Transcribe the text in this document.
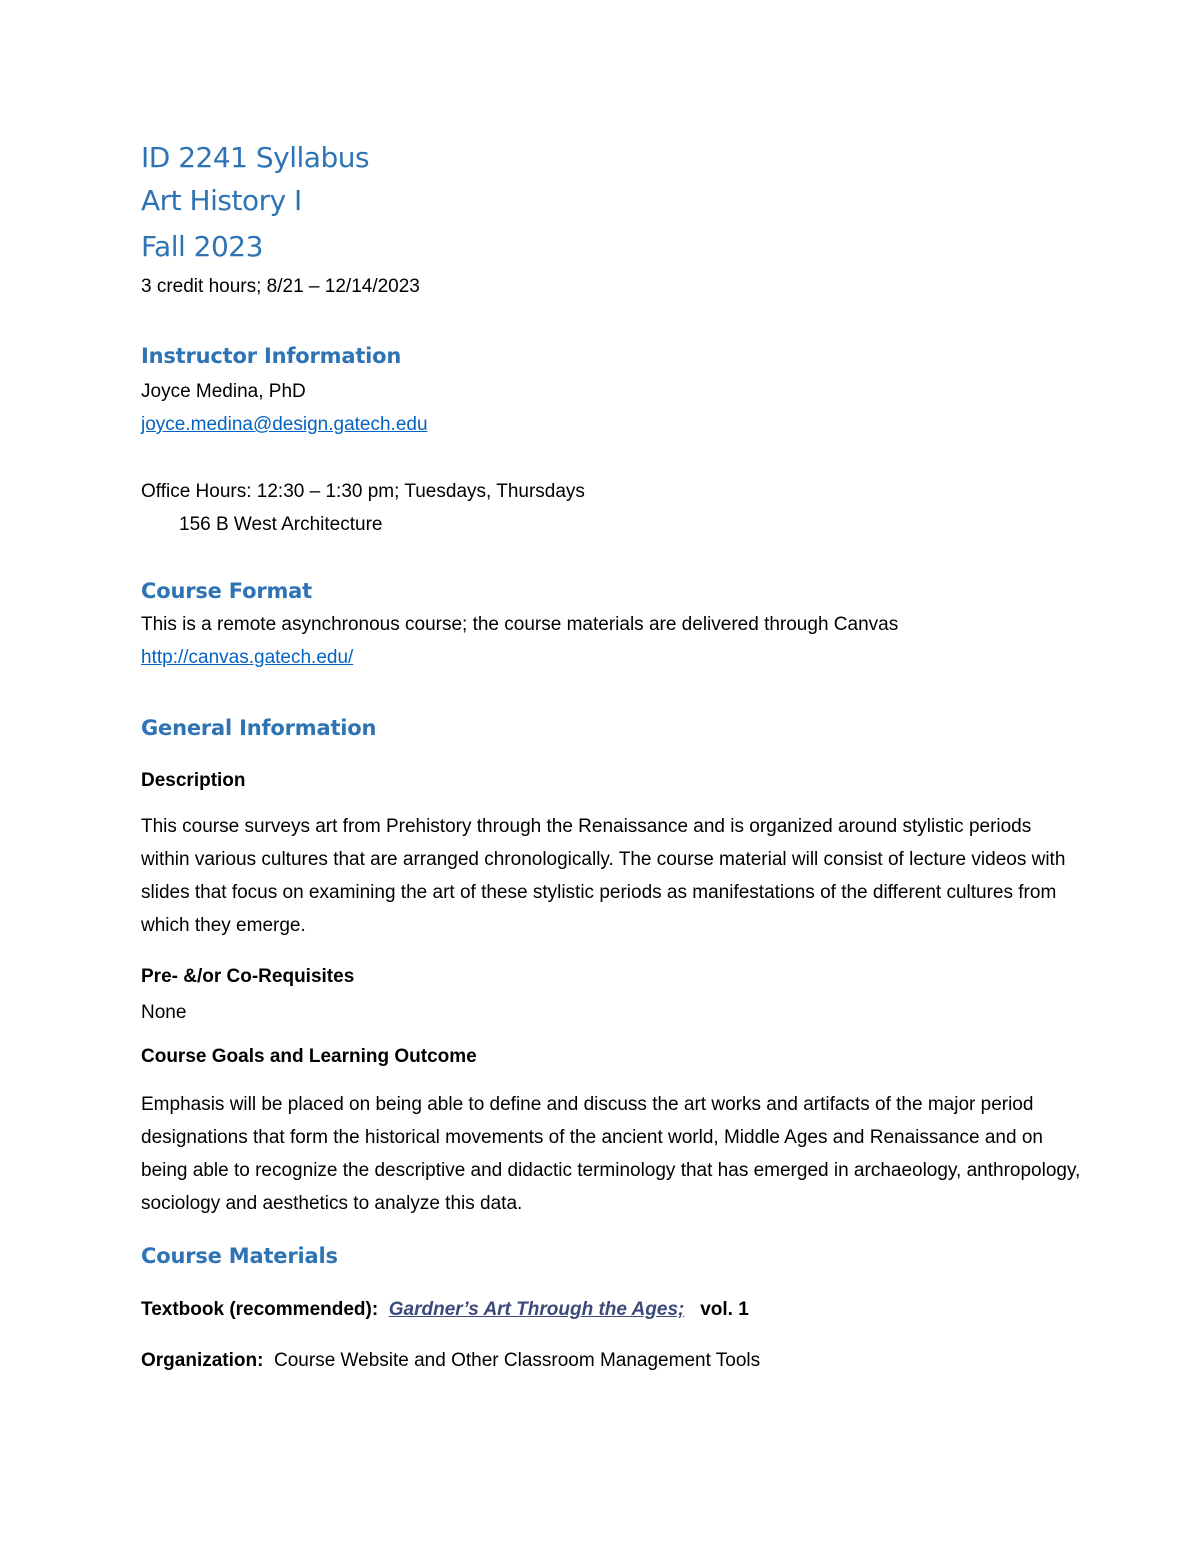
ID 2241 Syllabus
Art History I
Fall 2023

3 credit hours; 8/21 – 12/14/2023

Instructor Information

Joyce Medina, PhD

joyce.medina@design.gatech.edu

Office Hours: 12:30 – 1:30 pm; Tuesdays, Thursdays

156 B West Architecture

Course Format

This is a remote asynchronous course; the course materials are delivered through Canvas

http://canvas.gatech.edu/

General Information

Description

This course surveys art from Prehistory through the Renaissance and is organized around stylistic periods within various cultures that are arranged chronologically. The course material will consist of lecture videos with slides that focus on examining the art of these stylistic periods as manifestations of the different cultures from which they emerge.

Pre- &/or Co-Requisites

None

Course Goals and Learning Outcome

Emphasis will be placed on being able to define and discuss the art works and artifacts of the major period designations that form the historical movements of the ancient world, Middle Ages and Renaissance and on being able to recognize the descriptive and didactic terminology that has emerged in archaeology, anthropology, sociology and aesthetics to analyze this data.

Course Materials

Textbook (recommended): Gardner’s Art Through the Ages; vol. 1

Organization: Course Website and Other Classroom Management Tools
